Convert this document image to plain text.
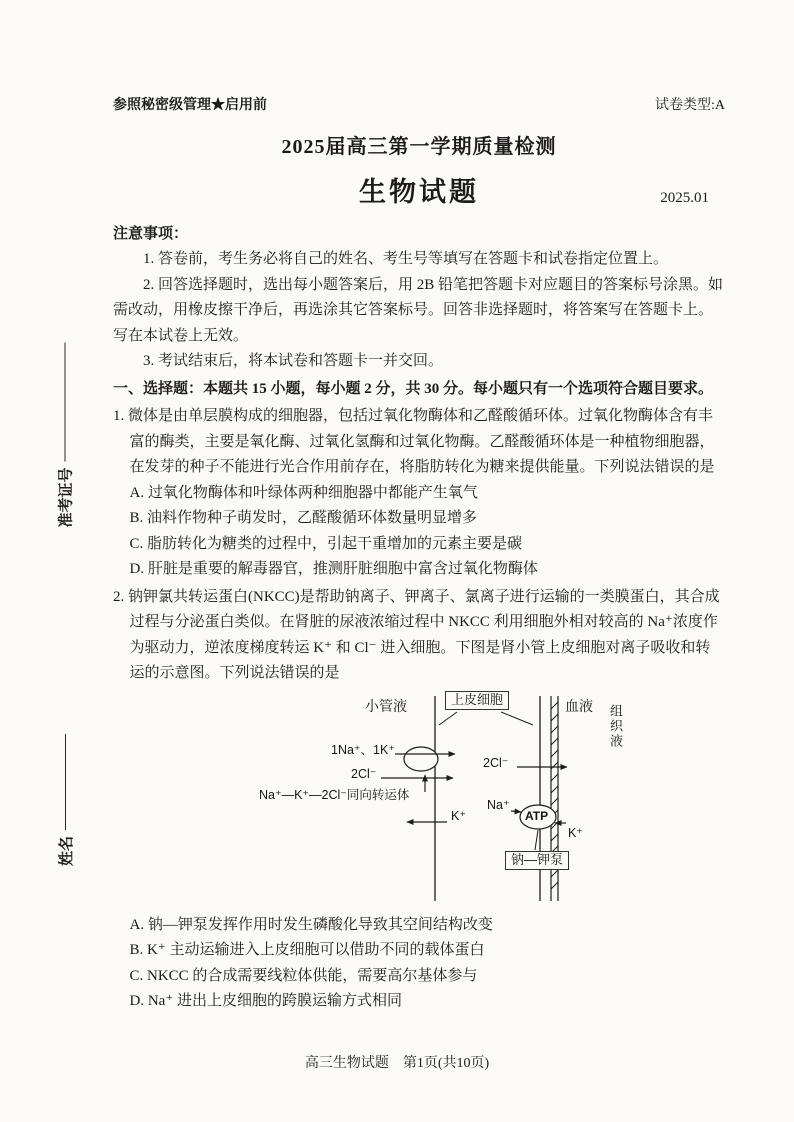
准考证号
姓名
参照秘密级管理★启用前	试卷类型:A
2025届高三第一学期质量检测
生物试题	2025.01

注意事项：

1. 答卷前，考生务必将自己的姓名、考生号等填写在答题卡和试卷指定位置上。

2. 回答选择题时，选出每小题答案后，用 2B 铅笔把答题卡对应题目的答案标号涂黑。如需改动，用橡皮擦干净后，再选涂其它答案标号。回答非选择题时，将答案写在答题卡上。写在本试卷上无效。

3. 考试结束后，将本试卷和答题卡一并交回。

一、选择题：本题共 15 小题，每小题 2 分，共 30 分。每小题只有一个选项符合题目要求。

1. 微体是由单层膜构成的细胞器，包括过氧化物酶体和乙醛酸循环体。过氧化物酶体含有丰富的酶类，主要是氧化酶、过氧化氢酶和过氧化物酶。乙醛酸循环体是一种植物细胞器，在发芽的种子不能进行光合作用前存在，将脂肪转化为糖来提供能量。下列说法错误的是

A. 过氧化物酶体和叶绿体两种细胞器中都能产生氧气

B. 油料作物种子萌发时，乙醛酸循环体数量明显增多

C. 脂肪转化为糖类的过程中，引起干重增加的元素主要是碳

D. 肝脏是重要的解毒器官，推测肝脏细胞中富含过氧化物酶体

2. 钠钾氯共转运蛋白(NKCC)是帮助钠离子、钾离子、氯离子进行运输的一类膜蛋白，其合成过程与分泌蛋白类似。在肾脏的尿液浓缩过程中 NKCC 利用细胞外相对较高的 Na⁺浓度作为驱动力，逆浓度梯度转运 K⁺ 和 Cl⁻ 进入细胞。下图是肾小管上皮细胞对离子吸收和转运的示意图。下列说法错误的是

小管液	上皮细胞	血液 组织液
1Na⁺、1K⁺
2Cl⁻
2Cl⁻
Na⁺—K⁺—2Cl⁻同向转运体
K⁺
Na⁺
ATP
K⁺
钠—钾泵

A. 钠—钾泵发挥作用时发生磷酸化导致其空间结构改变

B. K⁺ 主动运输进入上皮细胞可以借助不同的载体蛋白

C. NKCC 的合成需要线粒体供能，需要高尔基体参与

D. Na⁺ 进出上皮细胞的跨膜运输方式相同

高三生物试题　第1页(共10页)
